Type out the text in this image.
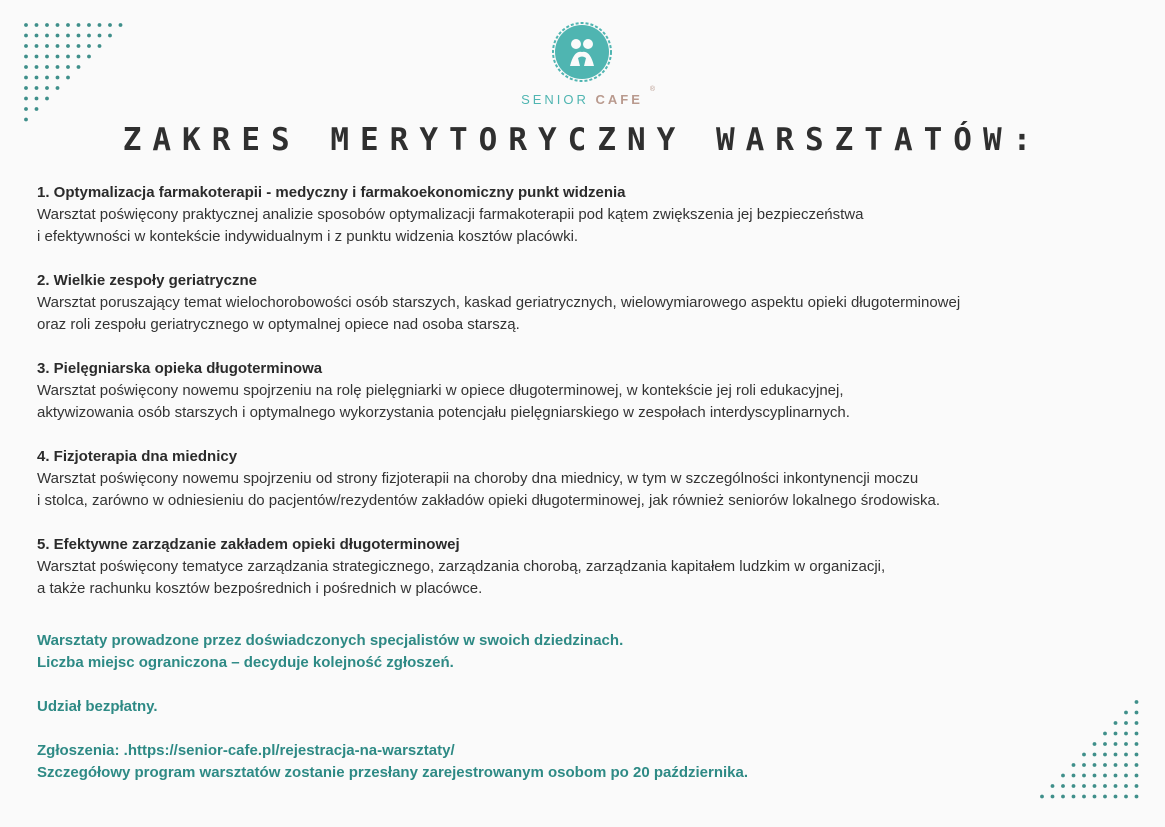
SENIOR CAFE
®
ZAKRES MERYTORYCZNY WARSZTATÓW:
1. Optymalizacja farmakoterapii - medyczny i farmakoekonomiczny punkt widzenia
Warsztat poświęcony praktycznej analizie sposobów optymalizacji farmakoterapii pod kątem zwiększenia jej bezpieczeństwa
i efektywności w kontekście indywidualnym i z punktu widzenia kosztów placówki.
2. Wielkie zespoły geriatryczne
Warsztat poruszający temat wielochorobowości osób starszych, kaskad geriatrycznych, wielowymiarowego aspektu opieki długoterminowej
oraz roli zespołu geriatrycznego w optymalnej opiece nad osoba starszą.
3. Pielęgniarska opieka długoterminowa
Warsztat poświęcony nowemu spojrzeniu na rolę pielęgniarki w opiece długoterminowej, w kontekście jej roli edukacyjnej,
aktywizowania osób starszych i optymalnego wykorzystania potencjału pielęgniarskiego w zespołach interdyscyplinarnych.
4. Fizjoterapia dna miednicy
Warsztat poświęcony nowemu spojrzeniu od strony fizjoterapii na choroby dna miednicy, w tym w szczególności inkontynencji moczu
i stolca, zarówno w odniesieniu do pacjentów/rezydentów zakładów opieki długoterminowej, jak również seniorów lokalnego środowiska.
5. Efektywne zarządzanie zakładem opieki długoterminowej
Warsztat poświęcony tematyce zarządzania strategicznego, zarządzania chorobą, zarządzania kapitałem ludzkim w organizacji,
a także rachunku kosztów bezpośrednich i pośrednich w placówce.
Warsztaty prowadzone przez doświadczonych specjalistów w swoich dziedzinach.
Liczba miejsc ograniczona – decyduje kolejność zgłoszeń.
Udział bezpłatny.
Zgłoszenia: .https://senior-cafe.pl/rejestracja-na-warsztaty/
Szczegółowy program warsztatów zostanie przesłany zarejestrowanym osobom po 20 października.
